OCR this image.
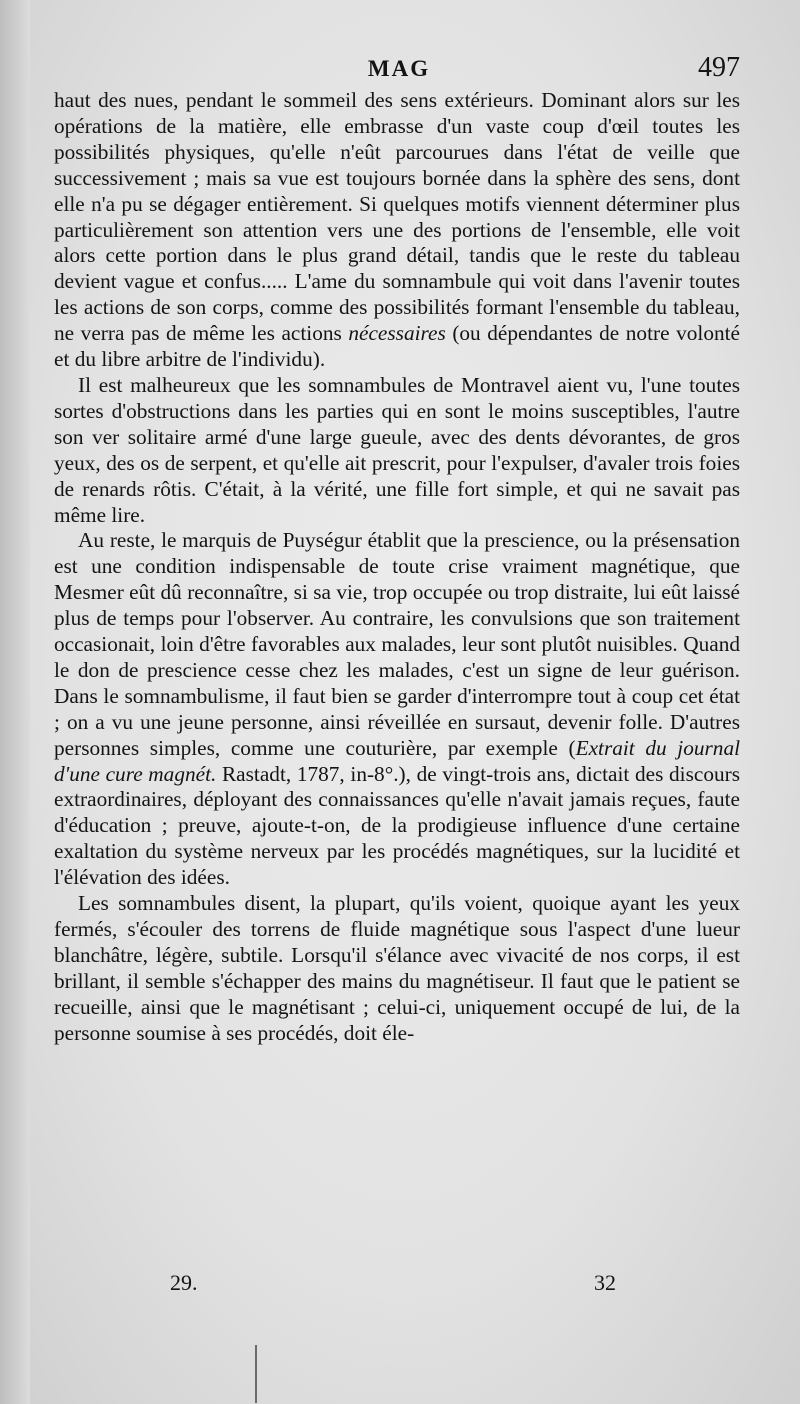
MAG	497

haut des nues, pendant le sommeil des sens extérieurs. Dominant alors sur les opérations de la matière, elle embrasse d'un vaste coup d'œil toutes les possibilités physiques, qu'elle n'eût parcourues dans l'état de veille que successivement ; mais sa vue est toujours bornée dans la sphère des sens, dont elle n'a pu se dégager entièrement. Si quelques motifs viennent déterminer plus particulièrement son attention vers une des portions de l'ensemble, elle voit alors cette portion dans le plus grand détail, tandis que le reste du tableau devient vague et confus..... L'ame du somnambule qui voit dans l'avenir toutes les actions de son corps, comme des possibilités formant l'ensemble du tableau, ne verra pas de même les actions nécessaires (ou dépendantes de notre volonté et du libre arbitre de l'individu).

Il est malheureux que les somnambules de Montravel aient vu, l'une toutes sortes d'obstructions dans les parties qui en sont le moins susceptibles, l'autre son ver solitaire armé d'une large gueule, avec des dents dévorantes, de gros yeux, des os de serpent, et qu'elle ait prescrit, pour l'expulser, d'avaler trois foies de renards rôtis. C'était, à la vérité, une fille fort simple, et qui ne savait pas même lire.

Au reste, le marquis de Puységur établit que la prescience, ou la présensation est une condition indispensable de toute crise vraiment magnétique, que Mesmer eût dû reconnaître, si sa vie, trop occupée ou trop distraite, lui eût laissé plus de temps pour l'observer. Au contraire, les convulsions que son traitement occasionait, loin d'être favorables aux malades, leur sont plutôt nuisibles. Quand le don de prescience cesse chez les malades, c'est un signe de leur guérison. Dans le somnambulisme, il faut bien se garder d'interrompre tout à coup cet état ; on a vu une jeune personne, ainsi réveillée en sursaut, devenir folle. D'autres personnes simples, comme une couturière, par exemple (Extrait du journal d'une cure magnét. Rastadt, 1787, in-8°.), de vingt-trois ans, dictait des discours extraordinaires, déployant des connaissances qu'elle n'avait jamais reçues, faute d'éducation ; preuve, ajoute-t-on, de la prodigieuse influence d'une certaine exaltation du système nerveux par les procédés magnétiques, sur la lucidité et l'élévation des idées.

Les somnambules disent, la plupart, qu'ils voient, quoique ayant les yeux fermés, s'écouler des torrens de fluide magnétique sous l'aspect d'une lueur blanchâtre, légère, subtile. Lorsqu'il s'élance avec vivacité de nos corps, il est brillant, il semble s'échapper des mains du magnétiseur. Il faut que le patient se recueille, ainsi que le magnétisant ; celui-ci, uniquement occupé de lui, de la personne soumise à ses procédés, doit éle-

29.	32
